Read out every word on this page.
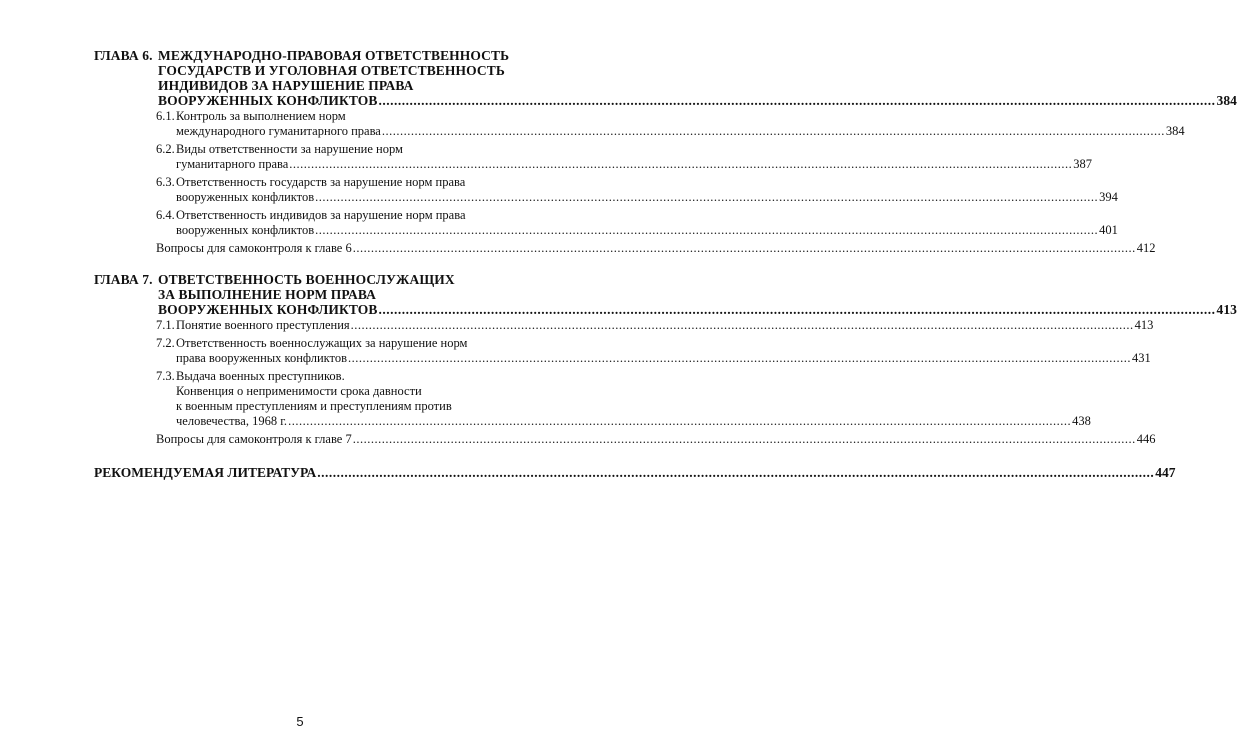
ГЛАВА 6. МЕЖДУНАРОДНО-ПРАВОВАЯ ОТВЕТСТВЕННОСТЬ
ГОСУДАРСТВ И УГОЛОВНАЯ ОТВЕТСТВЕННОСТЬ
ИНДИВИДОВ ЗА НАРУШЕНИЕ ПРАВА
ВООРУЖЕННЫХ КОНФЛИКТОВ .....	384
6.1. Контроль за выполнением норм
международного гуманитарного права .....	384
6.2. Виды ответственности за нарушение норм
гуманитарного права .....	387
6.3. Ответственность государств за нарушение норм права
вооруженных конфликтов .....	394
6.4. Ответственность индивидов за нарушение норм права
вооруженных конфликтов .....	401
Вопросы для самоконтроля к главе 6 .....	412
ГЛАВА 7. ОТВЕТСТВЕННОСТЬ ВОЕННОСЛУЖАЩИХ
ЗА ВЫПОЛНЕНИЕ НОРМ ПРАВА
ВООРУЖЕННЫХ КОНФЛИКТОВ .....	413
7.1. Понятие военного преступления .....	413
7.2. Ответственность военнослужащих за нарушение норм
права вооруженных конфликтов .....	431
7.3. Выдача военных преступников.
Конвенция о неприменимости срока давности
к военным преступлениям и преступлениям против
человечества, 1968 г. .....	438
Вопросы для самоконтроля к главе 7 .....	446
РЕКОМЕНДУЕМАЯ ЛИТЕРАТУРА .....	447
5
